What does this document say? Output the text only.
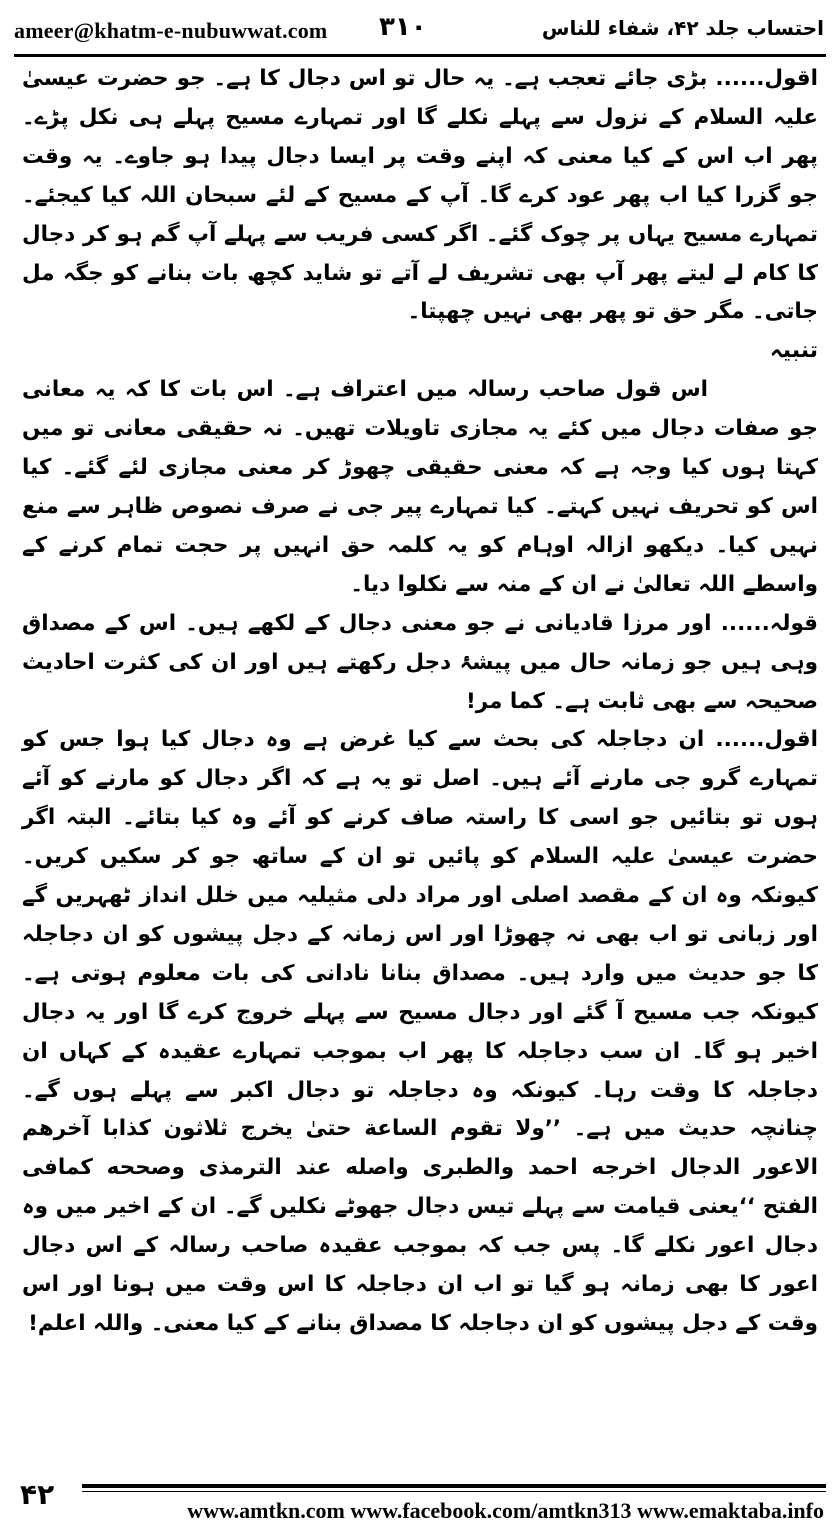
ameer@khatm-e-nubuwwat.com ۳۱۰	احتساب جلد ۴۲، شفاء للناس

اقول...... بڑی جائے تعجب ہے۔ یہ حال تو اس دجال کا ہے۔ جو حضرت عیسیٰ علیہ السلام کے نزول سے پہلے نکلے گا اور تمہارے مسیح پہلے ہی نکل پڑے۔ پھر اب اس کے کیا معنی کہ اپنے وقت پر ایسا دجال پیدا ہو جاوے۔ یہ وقت جو گزرا کیا اب پھر عود کرے گا۔ آپ کے مسیح کے لئے سبحان اللہ کیا کیجئے۔ تمہارے مسیح یہاں پر چوک گئے۔ اگر کسی فریب سے پہلے آپ گم ہو کر دجال کا کام لے لیتے پھر آپ بھی تشریف لے آتے تو شاید کچھ بات بنانے کو جگہ مل جاتی۔ مگر حق تو پھر بھی نہیں چھپتا۔

تنبیہ

اس قول صاحب رسالہ میں اعتراف ہے۔ اس بات کا کہ یہ معانی جو صفات دجال میں کئے یہ مجازی تاویلات تھیں۔ نہ حقیقی معانی تو میں کہتا ہوں کیا وجہ ہے کہ معنی حقیقی چھوڑ کر معنی مجازی لئے گئے۔ کیا اس کو تحریف نہیں کہتے۔ کیا تمہارے پیر جی نے صرف نصوص ظاہر سے منع نہیں کیا۔ دیکھو ازالہ اوہام کو یہ کلمہ حق انہیں پر حجت تمام کرنے کے واسطے اللہ تعالیٰ نے ان کے منہ سے نکلوا دیا۔

قولہ...... اور مرزا قادیانی نے جو معنی دجال کے لکھے ہیں۔ اس کے مصداق وہی ہیں جو زمانہ حال میں پیشۂ دجل رکھتے ہیں اور ان کی کثرت احادیث صحیحہ سے بھی ثابت ہے۔ کما مر!

اقول...... ان دجاجلہ کی بحث سے کیا غرض ہے وہ دجال کیا ہوا جس کو تمہارے گرو جی مارنے آئے ہیں۔ اصل تو یہ ہے کہ اگر دجال کو مارنے کو آئے ہوں تو بتائیں جو اسی کا راستہ صاف کرنے کو آئے وہ کیا بتائے۔ البتہ اگر حضرت عیسیٰ علیہ السلام کو پائیں تو ان کے ساتھ جو کر سکیں کریں۔ کیونکہ وہ ان کے مقصد اصلی اور مراد دلی مثیلیہ میں خلل انداز ٹھہریں گے اور زبانی تو اب بھی نہ چھوڑا اور اس زمانہ کے دجل پیشوں کو ان دجاجلہ کا جو حدیث میں وارد ہیں۔ مصداق بنانا نادانی کی بات معلوم ہوتی ہے۔ کیونکہ جب مسیح آ گئے اور دجال مسیح سے پہلے خروج کرے گا اور یہ دجال اخیر ہو گا۔ ان سب دجاجلہ کا پھر اب بموجب تمہارے عقیدہ کے کہاں ان دجاجلہ کا وقت رہا۔ کیونکہ وہ دجاجلہ تو دجال اکبر سے پہلے ہوں گے۔ چنانچہ حدیث میں ہے۔ ’’ولا تقوم الساعة حتیٰ یخرج ثلاثون کذابا آخرهم الاعور الدجال اخرجه احمد والطبری واصله عند الترمذی وصححه کمافی الفتح ‘‘یعنی قیامت سے پہلے تیس دجال جھوٹے نکلیں گے۔ ان کے اخیر میں وہ دجال اعور نکلے گا۔ پس جب کہ بموجب عقیدہ صاحب رسالہ کے اس دجال اعور کا بھی زمانہ ہو گیا تو اب ان دجاجلہ کا اس وقت میں ہونا اور اس وقت کے دجل پیشوں کو ان دجاجلہ کا مصداق بنانے کے کیا معنی۔ واللہ اعلم!

۴۲	www.amtkn.com www.facebook.com/amtkn313 www.emaktaba.info
